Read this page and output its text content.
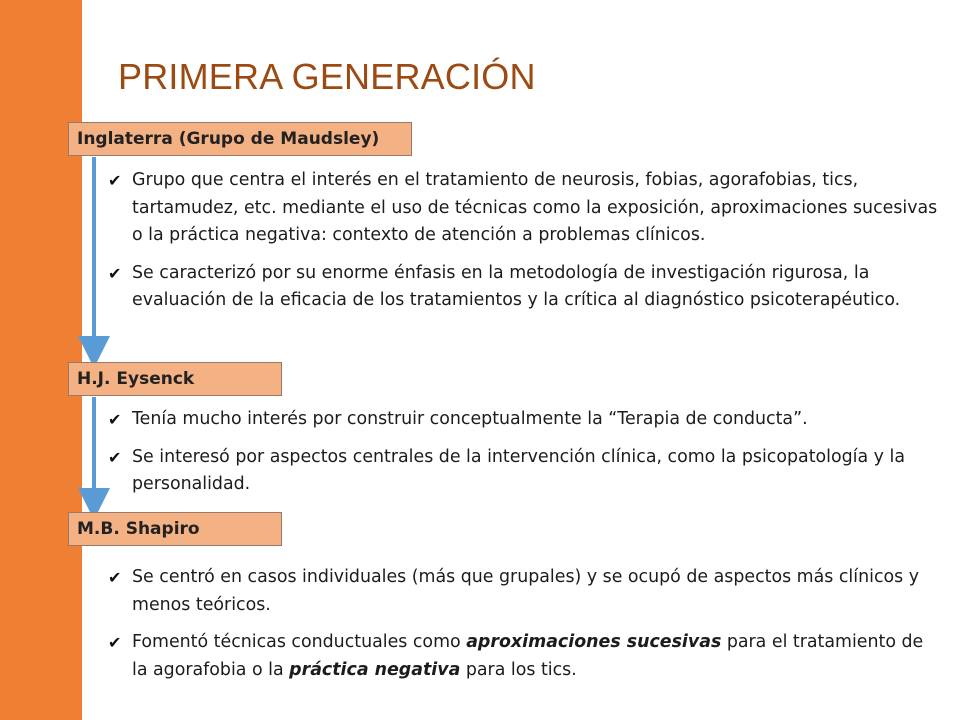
PRIMERA GENERACIÓN
Inglaterra (Grupo de Maudsley)
✔ Grupo que centra el interés en el tratamiento de neurosis, fobias, agorafobias, tics, tartamudez, etc. mediante el uso de técnicas como la exposición, aproximaciones sucesivas o la práctica negativa: contexto de atención a problemas clínicos.
✔ Se caracterizó por su enorme énfasis en la metodología de investigación rigurosa, la evaluación de la eficacia de los tratamientos y la crítica al diagnóstico psicoterapéutico.
H.J. Eysenck
✔ Tenía mucho interés por construir conceptualmente la “Terapia de conducta”.
✔ Se interesó por aspectos centrales de la intervención clínica, como la psicopatología y la personalidad.
M.B. Shapiro
✔ Se centró en casos individuales (más que grupales) y se ocupó de aspectos más clínicos y menos teóricos.
✔ Fomentó técnicas conductuales como aproximaciones sucesivas para el tratamiento de la agorafobia o la práctica negativa para los tics.
